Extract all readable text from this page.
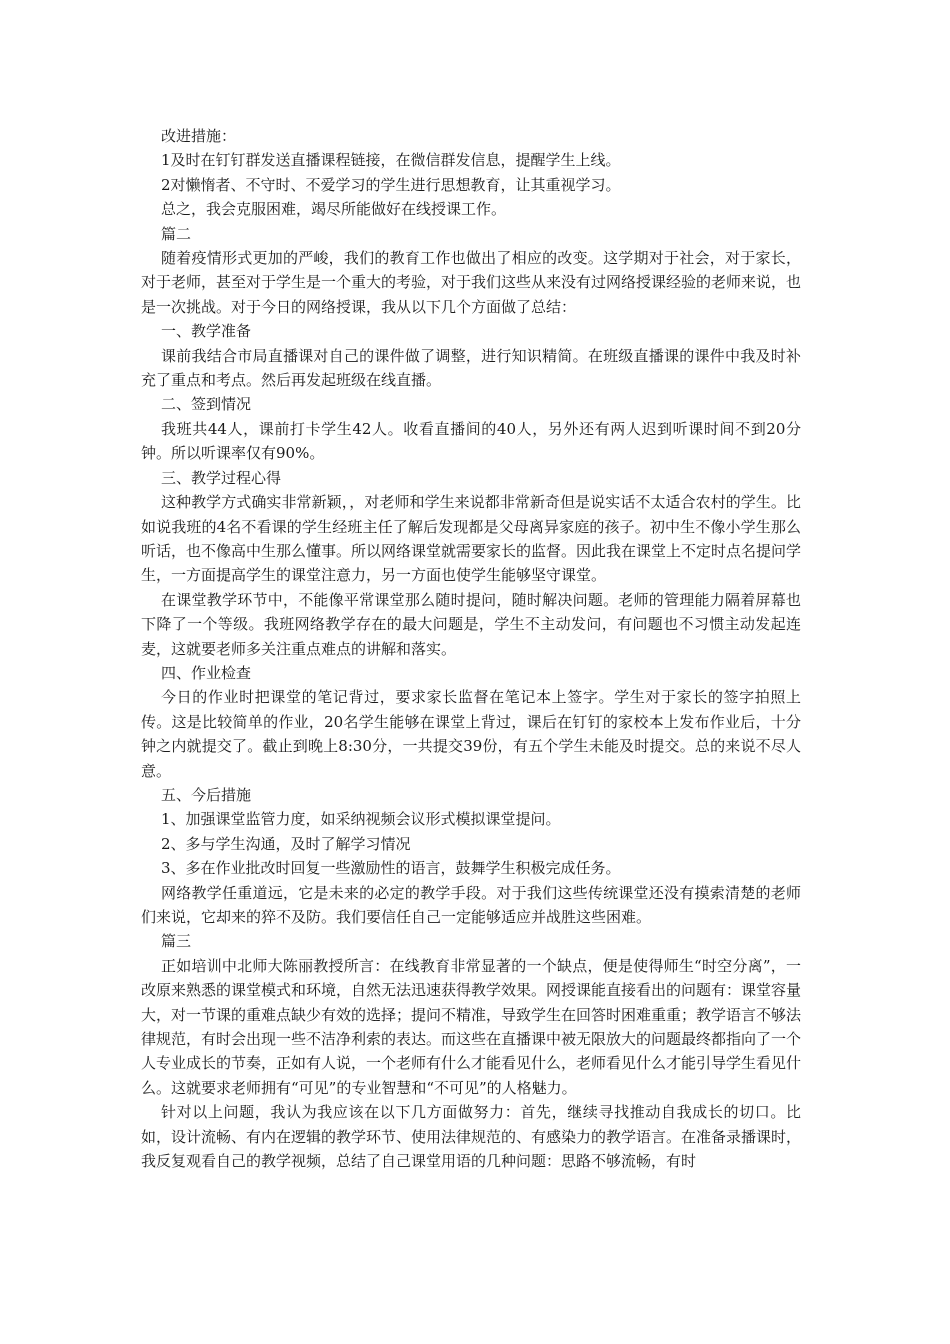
改进措施：

1及时在钉钉群发送直播课程链接，在微信群发信息，提醒学生上线。

2对懒惰者、不守时、不爱学习的学生进行思想教育，让其重视学习。

总之，我会克服困难，竭尽所能做好在线授课工作。

篇二

随着疫情形式更加的严峻，我们的教育工作也做出了相应的改变。这学期对于社会，对于家长，对于老师，甚至对于学生是一个重大的考验，对于我们这些从来没有过网络授课经验的老师来说，也是一次挑战。对于今日的网络授课，我从以下几个方面做了总结：

一、教学准备

课前我结合市局直播课对自己的课件做了调整，进行知识精简。在班级直播课的课件中我及时补充了重点和考点。然后再发起班级在线直播。

二、签到情况

我班共44人，课前打卡学生42人。收看直播间的40人，另外还有两人迟到听课时间不到20分钟。所以听课率仅有90%。

三、教学过程心得

这种教学方式确实非常新颖，，对老师和学生来说都非常新奇但是说实话不太适合农村的学生。比如说我班的4名不看课的学生经班主任了解后发现都是父母离异家庭的孩子。初中生不像小学生那么听话，也不像高中生那么懂事。所以网络课堂就需要家长的监督。因此我在课堂上不定时点名提问学生，一方面提高学生的课堂注意力，另一方面也使学生能够坚守课堂。

在课堂教学环节中，不能像平常课堂那么随时提问，随时解决问题。老师的管理能力隔着屏幕也下降了一个等级。我班网络教学存在的最大问题是，学生不主动发问，有问题也不习惯主动发起连麦，这就要老师多关注重点难点的讲解和落实。

四、作业检查

今日的作业时把课堂的笔记背过，要求家长监督在笔记本上签字。学生对于家长的签字拍照上传。这是比较简单的作业，20名学生能够在课堂上背过，课后在钉钉的家校本上发布作业后，十分钟之内就提交了。截止到晚上8:30分，一共提交39份，有五个学生未能及时提交。总的来说不尽人意。

五、今后措施

1、加强课堂监管力度，如采纳视频会议形式模拟课堂提问。

2、多与学生沟通，及时了解学习情况

3、多在作业批改时回复一些激励性的语言，鼓舞学生积极完成任务。

网络教学任重道远，它是未来的必定的教学手段。对于我们这些传统课堂还没有摸索清楚的老师们来说，它却来的猝不及防。我们要信任自己一定能够适应并战胜这些困难。

篇三

正如培训中北师大陈丽教授所言：在线教育非常显著的一个缺点，便是使得师生“时空分离”，一改原来熟悉的课堂模式和环境，自然无法迅速获得教学效果。网授课能直接看出的问题有：课堂容量大，对一节课的重难点缺少有效的选择；提问不精准，导致学生在回答时困难重重；教学语言不够法律规范，有时会出现一些不洁净利索的表达。而这些在直播课中被无限放大的问题最终都指向了一个人专业成长的节奏，正如有人说，一个老师有什么才能看见什么，老师看见什么才能引导学生看见什么。这就要求老师拥有“可见”的专业智慧和“不可见”的人格魅力。

针对以上问题，我认为我应该在以下几方面做努力：首先，继续寻找推动自我成长的切口。比如，设计流畅、有内在逻辑的教学环节、使用法律规范的、有感染力的教学语言。在准备录播课时，我反复观看自己的教学视频，总结了自己课堂用语的几种问题：思路不够流畅，有时
